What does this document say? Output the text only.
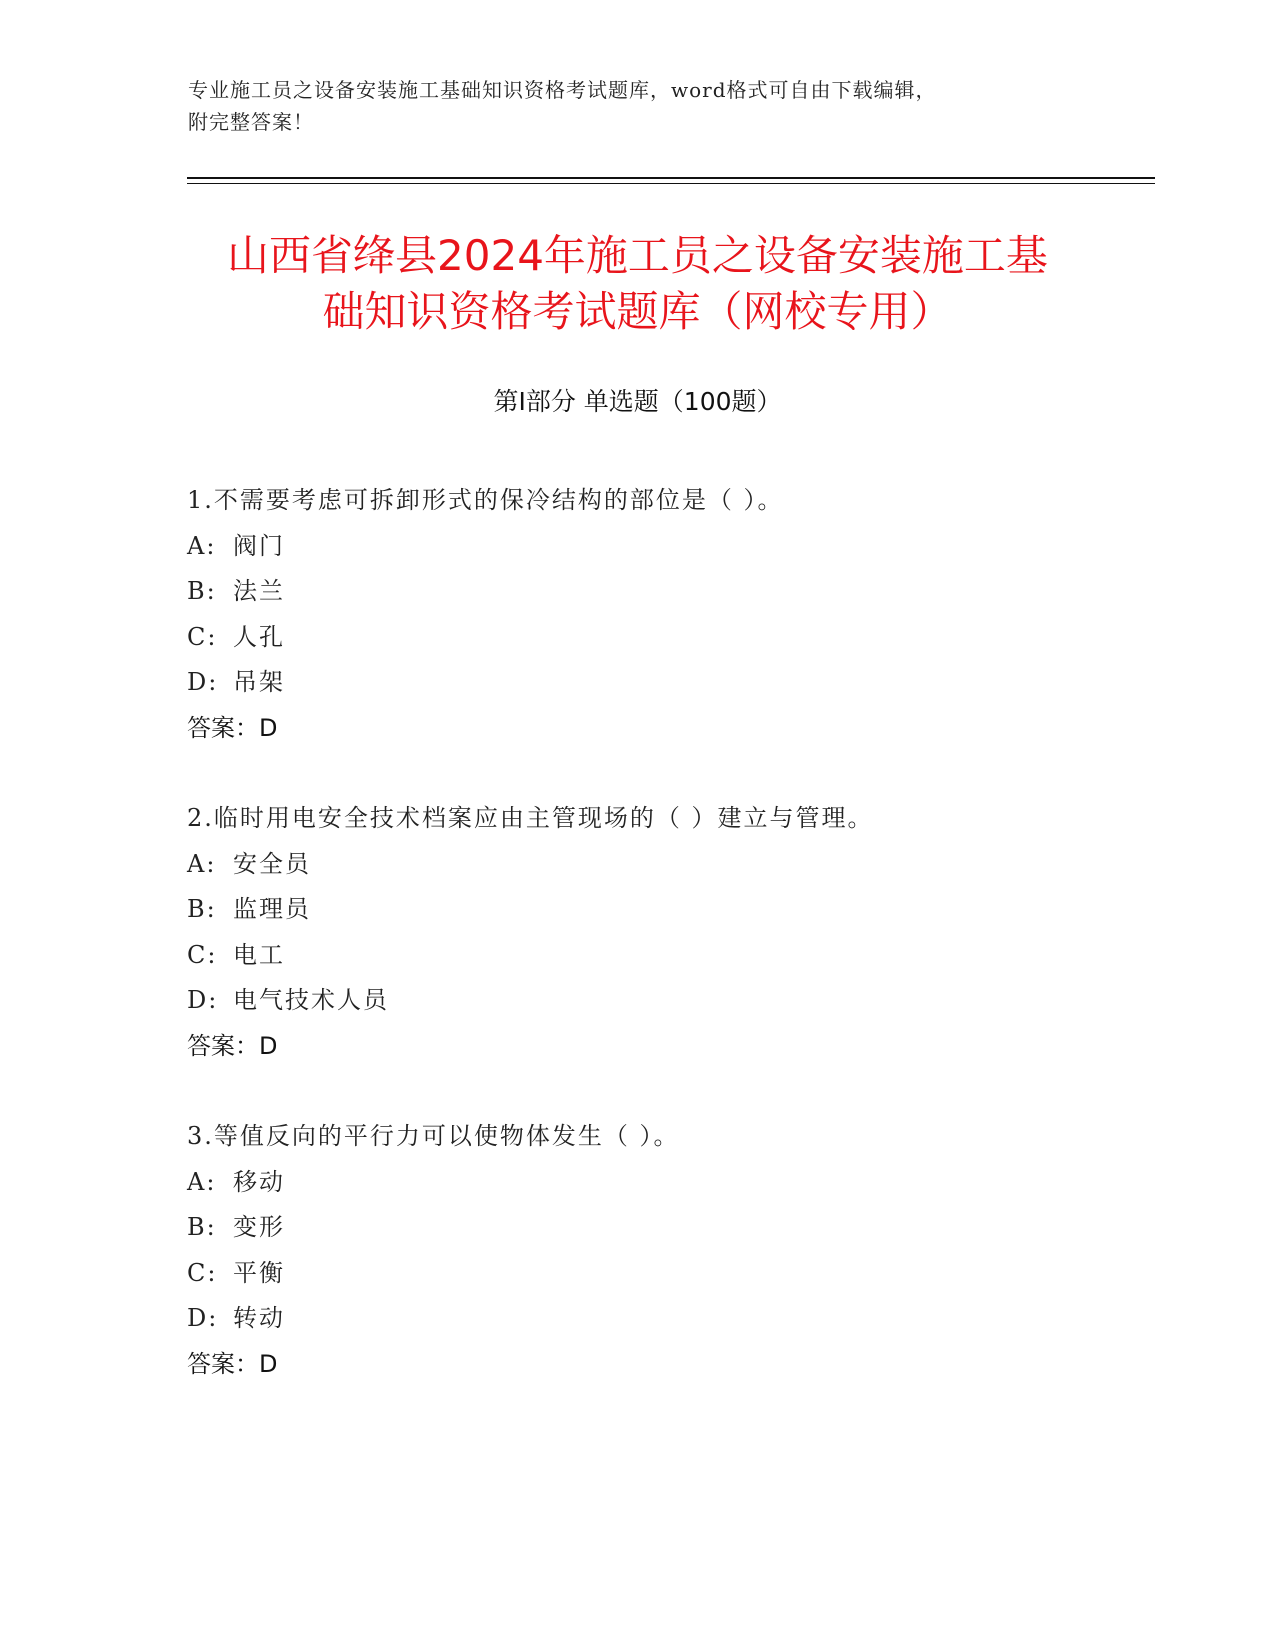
专业施工员之设备安装施工基础知识资格考试题库，word格式可自由下载编辑，
附完整答案！
山西省绛县2024年施工员之设备安装施工基
础知识资格考试题库（网校专用）
第Ⅰ部分 单选题（100题）
1.不需要考虑可拆卸形式的保冷结构的部位是（ ）。
A: 阀门
B: 法兰
C: 人孔
D: 吊架
答案：D
2.临时用电安全技术档案应由主管现场的（ ）建立与管理。
A: 安全员
B: 监理员
C: 电工
D: 电气技术人员
答案：D
3.等值反向的平行力可以使物体发生（ ）。
A: 移动
B: 变形
C: 平衡
D: 转动
答案：D
